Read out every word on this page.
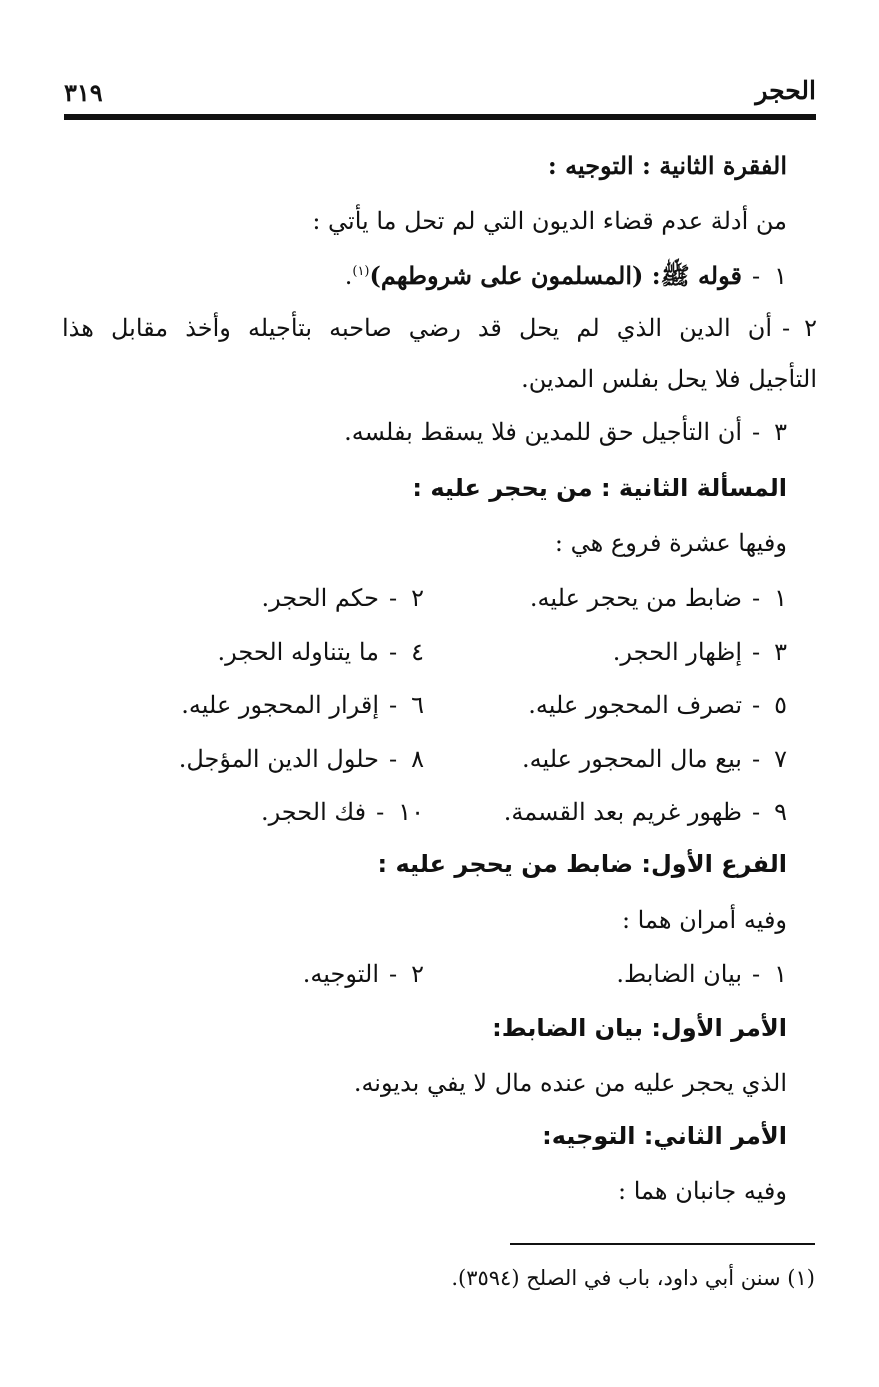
الحجر
٣١٩
الفقرة الثانية : التوجيه :
من أدلة عدم قضاء الديون التي لم تحل ما يأتي :
١-قوله ﷺ: (المسلمون على شروطهم)$^{(١)}$.
٢-أن الدين الذي لم يحل قد رضي صاحبه بتأجيله وأخذ مقابل هذا
التأجيل فلا يحل بفلس المدين.
٣-أن التأجيل حق للمدين فلا يسقط بفلسه.
المسألة الثانية : من يحجر عليه :
وفيها عشرة فروع هي :
١-ضابط من يحجر عليه.
٢-حكم الحجر.
٣-إظهار الحجر.
٤-ما يتناوله الحجر.
٥-تصرف المحجور عليه.
٦-إقرار المحجور عليه.
٧-بيع مال المحجور عليه.
٨-حلول الدين المؤجل.
٩-ظهور غريم بعد القسمة.
١٠-فك الحجر.
الفرع الأول: ضابط من يحجر عليه :
وفيه أمران هما :
١-بيان الضابط.
٢-التوجيه.
الأمر الأول: بيان الضابط:
الذي يحجر عليه من عنده مال لا يفي بديونه.
الأمر الثاني: التوجيه:
وفيه جانبان هما :
(١) سنن أبي داود، باب في الصلح (٣٥٩٤).
